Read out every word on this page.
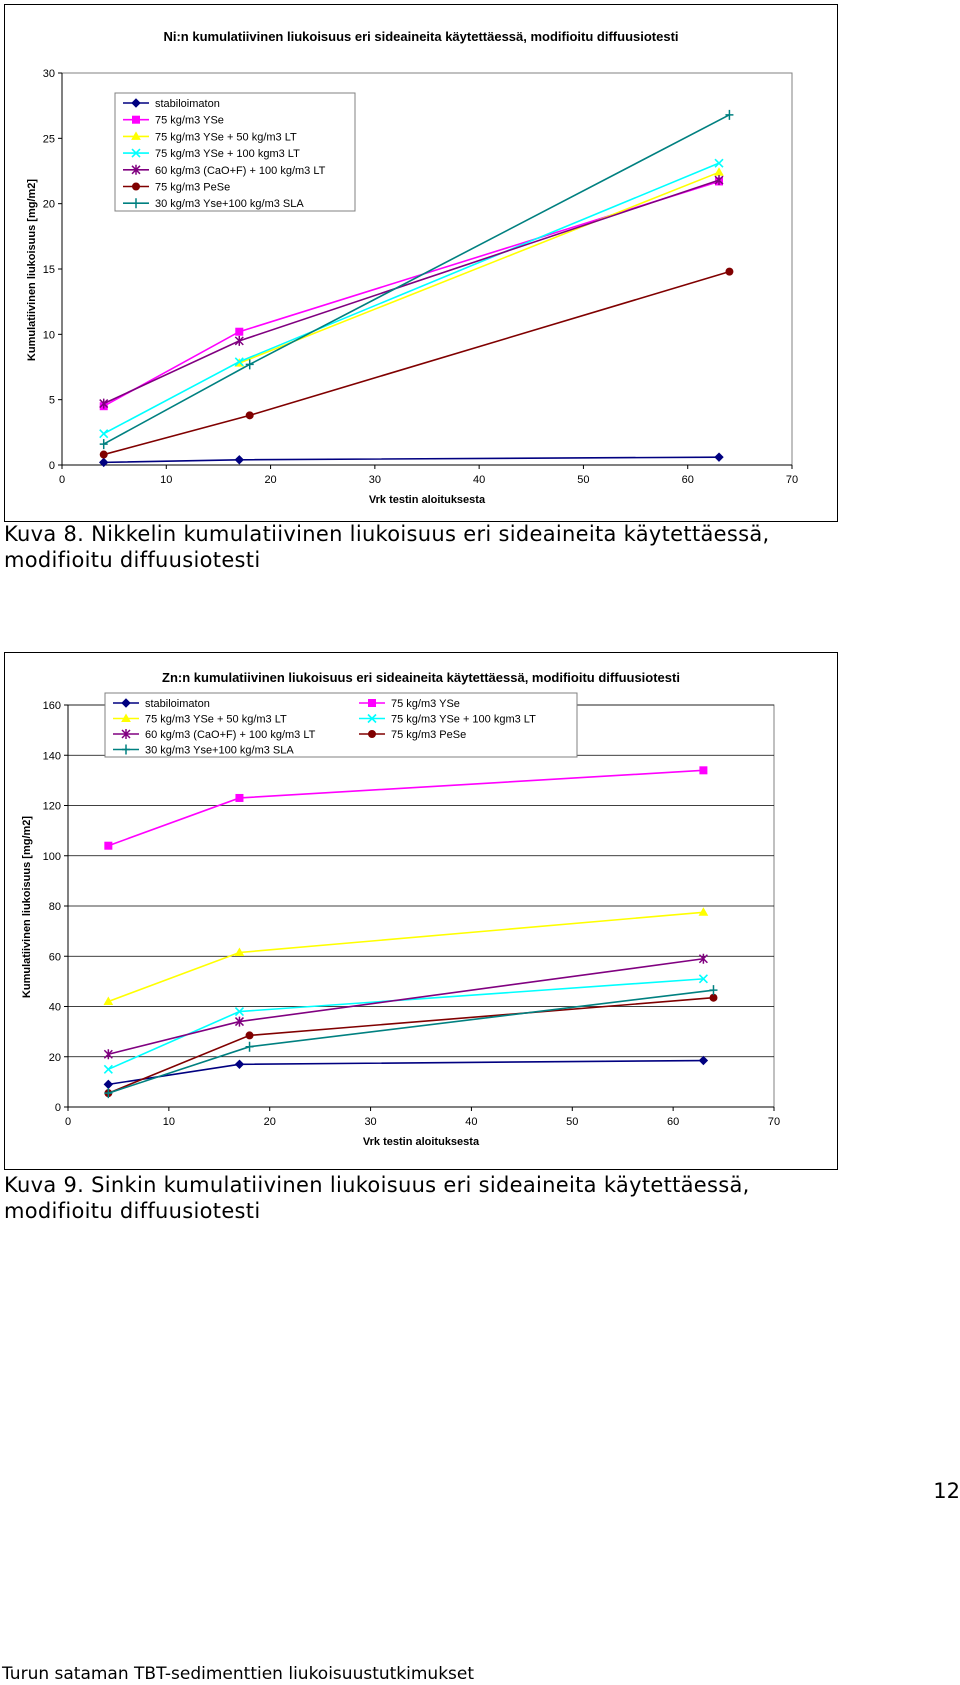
Ni:n kumulatiivinen liukoisuus eri sideaineita käytettäessä, modifioitu diffuusiotesti
0
5
10
15
20
25
30
0	10	20	30	40	50	60	70
Vrk testin aloituksesta
Kumulatiivinen liukoisuus [mg/m2]
stabiloimaton
75 kg/m3 YSe
75 kg/m3 YSe + 50 kg/m3 LT
75 kg/m3 YSe + 100 kgm3 LT
60 kg/m3 (CaO+F) + 100 kg/m3 LT
75 kg/m3 PeSe
30 kg/m3 Yse+100 kg/m3 SLA
Kuva 8. Nikkelin kumulatiivinen liukoisuus eri sideaineita käytettäessä, modifioitu diffuusiotesti
Zn:n kumulatiivinen liukoisuus eri sideaineita käytettäessä, modifioitu diffuusiotesti
0
20
40
60
80
100
120
140
160
0	10	20	30	40	50	60	70
Vrk testin aloituksesta
Kumulatiivinen liukoisuus [mg/m2]
stabiloimaton	75 kg/m3 YSe
75 kg/m3 YSe + 50 kg/m3 LT	75 kg/m3 YSe + 100 kgm3 LT
60 kg/m3 (CaO+F) + 100 kg/m3 LT	75 kg/m3 PeSe
30 kg/m3 Yse+100 kg/m3 SLA
Kuva 9. Sinkin kumulatiivinen liukoisuus eri sideaineita käytettäessä, modifioitu diffuusiotesti
12
Turun sataman TBT-sedimenttien liukoisuustutkimukset
